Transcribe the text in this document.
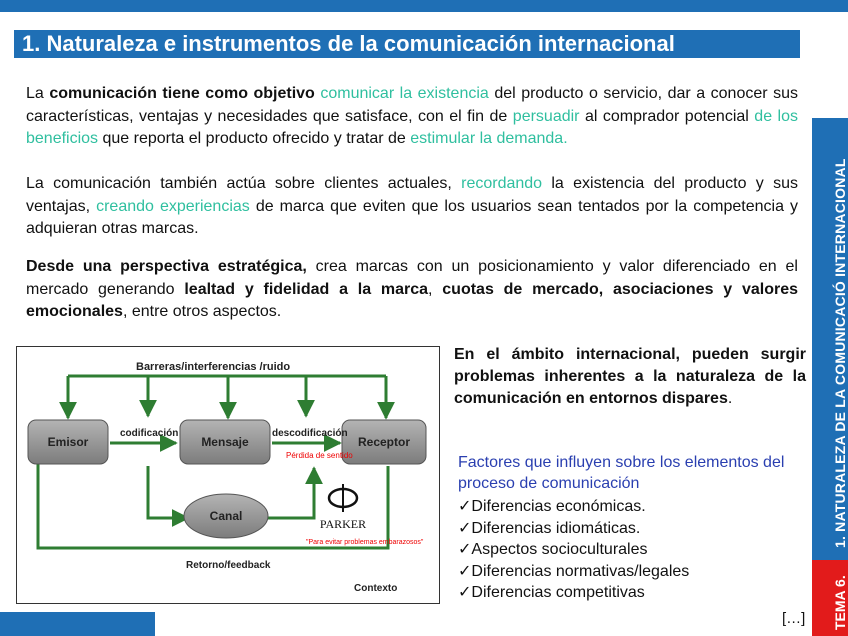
1. Naturaleza e instrumentos de la comunicación internacional
1. NATURALEZA DE LA COMUNICACIÓ INTERNACIONAL
TEMA 6.

La comunicación tiene como objetivo comunicar la existencia del producto o servicio, dar a conocer sus características, ventajas y necesidades que satisface, con el fin de persuadir al comprador potencial de los beneficios que reporta el producto ofrecido y tratar de estimular la demanda.

La comunicación también actúa sobre clientes actuales, recordando la existencia del producto y sus ventajas, creando experiencias de marca que eviten que los usuarios sean tentados por la competencia y adquieran otras marcas.

Desde una perspectiva estratégica, crea marcas con un posicionamiento y valor diferenciado en el mercado generando lealtad y fidelidad a la marca, cuotas de mercado, asociaciones y valores emocionales, entre otros aspectos.

Barreras/interferencias /ruido
Emisor	Mensaje	Receptor
Canal
codificación	descodificación
Retorno/feedback
Contexto
Pérdida de sentido
PARKER
"Para evitar problemas embarazosos"

En el ámbito internacional, pueden surgir problemas inherentes a la naturaleza de la comunicación en entornos dispares.

Factores que influyen sobre los elementos del proceso de comunicación

✓Diferencias económicas.
✓Diferencias idiomáticas.
✓Aspectos socioculturales
✓Diferencias normativas/legales
✓Diferencias competitivas
[…]
